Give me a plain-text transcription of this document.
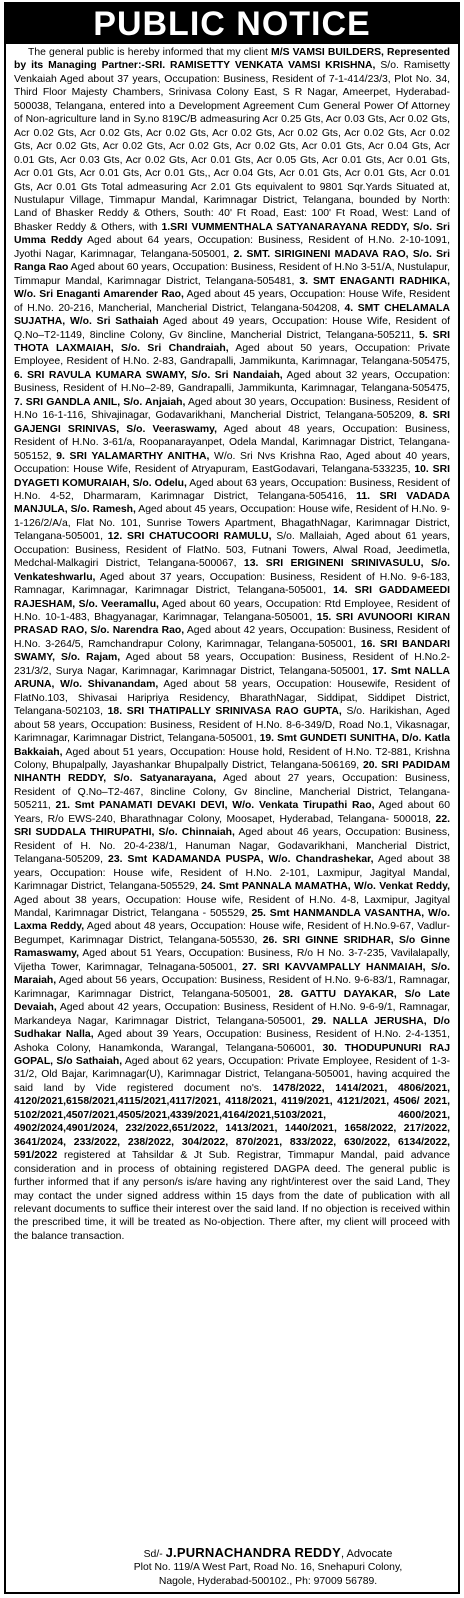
PUBLIC NOTICE
The general public is hereby informed that my client M/S VAMSI BUILDERS, Represented by its Managing Partner:-SRI. RAMISETTY VENKATA VAMSI KRISHNA, S/o. Ramisetty Venkaiah Aged about 37 years, Occupation: Business, Resident of 7-1-414/23/3, Plot No. 34, Third Floor Majesty Chambers, Srinivasa Colony East, S R Nagar, Ameerpet, Hyderabad-500038, Telangana, entered into a Development Agreement Cum General Power Of Attorney of Non-agriculture land in Sy.no 819C/B admeasuring Acr 0.25 Gts, Acr 0.03 Gts, Acr 0.02 Gts, Acr 0.02 Gts, Acr 0.02 Gts, Acr 0.02 Gts, Acr 0.02 Gts, Acr 0.02 Gts, Acr 0.02 Gts, Acr 0.02 Gts, Acr 0.02 Gts, Acr 0.02 Gts, Acr 0.02 Gts, Acr 0.02 Gts, Acr 0.01 Gts, Acr 0.04 Gts, Acr 0.01 Gts, Acr 0.03 Gts, Acr 0.02 Gts, Acr 0.01 Gts, Acr 0.05 Gts, Acr 0.01 Gts, Acr 0.01 Gts, Acr 0.01 Gts, Acr 0.01 Gts, Acr 0.01 Gts,, Acr 0.04 Gts, Acr 0.01 Gts, Acr 0.01 Gts, Acr 0.01 Gts, Acr 0.01 Gts Total admeasuring Acr 2.01 Gts equivalent to 9801 Sqr.Yards Situated at, Nustulapur Village, Timmapur Mandal, Karimnagar District, Telangana, bounded by North: Land of Bhasker Reddy & Others, South: 40' Ft Road, East: 100' Ft Road, West: Land of Bhasker Reddy & Others, with 1.SRI VUMMENTHALA SATYANARAYANA REDDY, S/o. Sri Umma Reddy Aged about 64 years, Occupation: Business, Resident of H.No. 2-10-1091, Jyothi Nagar, Karimnagar, Telangana-505001, 2. SMT. SIRIGINENI MADAVA RAO, S/o. Sri Ranga Rao Aged about 60 years, Occupation: Business, Resident of H.No 3-51/A, Nustulapur, Timmapur Mandal, Karimnagar District, Telangana-505481, 3. SMT ENAGANTI RADHIKA, W/o. Sri Enaganti Amarender Rao, Aged about 45 years, Occupation: House Wife, Resident of H.No. 20-216, Mancherial, Mancherial District, Telangana-504208, 4. SMT CHELAMALA SUJATHA, W/o. Sri Sathaiah Aged about 49 years, Occupation: House Wife, Resident of Q.No–T2-1149, 8incline Colony, Gv 8incline, Mancherial District, Telangana-505211, 5. SRI THOTA LAXMAIAH, S/o. Sri Chandraiah, Aged about 50 years, Occupation: Private Employee, Resident of H.No. 2-83, Gandrapalli, Jammikunta, Karimnagar, Telangana-505475, 6. SRI RAVULA KUMARA SWAMY, S/o. Sri Nandaiah, Aged about 32 years, Occupation: Business, Resident of H.No–2-89, Gandrapalli, Jammikunta, Karimnagar, Telangana-505475, 7. SRI GANDLA ANIL, S/o. Anjaiah, Aged about 30 years, Occupation: Business, Resident of H.No 16-1-116, Shivajinagar, Godavarikhani, Mancherial District, Telangana-505209, 8. SRI GAJENGI SRINIVAS, S/o. Veeraswamy, Aged about 48 years, Occupation: Business, Resident of H.No. 3-61/a, Roopanarayanpet, Odela Mandal, Karimnagar District, Telangana-505152, 9. SRI YALAMARTHY ANITHA, W/o. Sri Nvs Krishna Rao, Aged about 40 years, Occupation: House Wife, Resident of Atryapuram, EastGodavari, Telangana-533235, 10. SRI DYAGETI KOMURAIAH, S/o. Odelu, Aged about 63 years, Occupation: Business, Resident of H.No. 4-52, Dharmaram, Karimnagar District, Telangana-505416, 11. SRI VADADA MANJULA, S/o. Ramesh, Aged about 45 years, Occupation: House wife, Resident of H.No. 9-1-126/2/A/a, Flat No. 101, Sunrise Towers Apartment, BhagathNagar, Karimnagar District, Telangana-505001, 12. SRI CHATUCOORI RAMULU, S/o. Mallaiah, Aged about 61 years, Occupation: Business, Resident of FlatNo. 503, Futnani Towers, Alwal Road, Jeedimetla, Medchal-Malkagiri District, Telangana-500067, 13. SRI ERIGINENI SRINIVASULU, S/o. Venkateshwarlu, Aged about 37 years, Occupation: Business, Resident of H.No. 9-6-183, Ramnagar, Karimnagar, Karimnagar District, Telangana-505001, 14. SRI GADDAMEEDI RAJESHAM, S/o. Veeramallu, Aged about 60 years, Occupation: Rtd Employee, Resident of H.No. 10-1-483, Bhagyanagar, Karimnagar, Telangana-505001, 15. SRI AVUNOORI KIRAN PRASAD RAO, S/o. Narendra Rao, Aged about 42 years, Occupation: Business, Resident of H.No. 3-264/5, Ramchandrapur Colony, Karimnagar, Telangana-505001, 16. SRI BANDARI SWAMY, S/o. Rajam, Aged about 58 years, Occupation: Business, Resident of H.No.2-231/3/2, Surya Nagar, Karimnagar, Karimnagar District, Telangana-505001, 17. Smt NALLA ARUNA, W/o. Shivanandam, Aged about 58 years, Occupation: Housewife, Resident of FlatNo.103, Shivasai Haripriya Residency, BharathNagar, Siddipat, Siddipet District, Telangana-502103, 18. SRI THATIPALLY SRINIVASA RAO GUPTA, S/o. Harikishan, Aged about 58 years, Occupation: Business, Resident of H.No. 8-6-349/D, Road No.1, Vikasnagar, Karimnagar, Karimnagar District, Telangana-505001, 19. Smt GUNDETI SUNITHA, D/o. Katla Bakkaiah, Aged about 51 years, Occupation: House hold, Resident of H.No. T2-881, Krishna Colony, Bhupalpally, Jayashankar Bhupalpally District, Telangana-506169, 20. SRI PADIDAM NIHANTH REDDY, S/o. Satyanarayana, Aged about 27 years, Occupation: Business, Resident of Q.No–T2-467, 8incline Colony, Gv 8incline, Mancherial District, Telangana-505211, 21. Smt PANAMATI DEVAKI DEVI, W/o. Venkata Tirupathi Rao, Aged about 60 Years, R/o EWS-240, Bharathnagar Colony, Moosapet, Hyderabad, Telangana- 500018, 22. SRI SUDDALA THIRUPATHI, S/o. Chinnaiah, Aged about 46 years, Occupation: Business, Resident of H. No. 20-4-238/1, Hanuman Nagar, Godavarikhani, Mancherial District, Telangana-505209, 23. Smt KADAMANDA PUSPA, W/o. Chandrashekar, Aged about 38 years, Occupation: House wife, Resident of H.No. 2-101, Laxmipur, Jagityal Mandal, Karimnagar District, Telangana-505529, 24. Smt PANNALA MAMATHA, W/o. Venkat Reddy, Aged about 38 years, Occupation: House wife, Resident of H.No. 4-8, Laxmipur, Jagityal Mandal, Karimnagar District, Telangana - 505529, 25. Smt HANMANDLA VASANTHA, W/o. Laxma Reddy, Aged about 48 years, Occupation: House wife, Resident of H.No.9-67, Vadlur-Begumpet, Karimnagar District, Telangana-505530, 26. SRI GINNE SRIDHAR, S/o Ginne Ramaswamy, Aged about 51 Years, Occupation: Business, R/o H No. 3-7-235, Vavilalapally, Vijetha Tower, Karimnagar, Telnagana-505001, 27. SRI KAVVAMPALLY HANMAIAH, S/o. Maraiah, Aged about 56 years, Occupation: Business, Resident of H.No. 9-6-83/1, Ramnagar, Karimnagar, Karimnagar District, Telangana-505001, 28. GATTU DAYAKAR, S/o Late Devaiah, Aged about 42 years, Occupation: Business, Resident of H.No. 9-6-9/1, Ramnagar, Markandeya Nagar, Karimnagar District, Telangana-505001, 29. NALLA JERUSHA, D/o Sudhakar Nalla, Aged about 39 Years, Occupation: Business, Resident of H.No. 2-4-1351, Ashoka Colony, Hanamkonda, Warangal, Telangana-506001, 30. THODUPUNURI RAJ GOPAL, S/o Sathaiah, Aged about 62 years, Occupation: Private Employee, Resident of 1-3-31/2, Old Bajar, Karimnagar(U), Karimnagar District, Telangana-505001, having acquired the said land by Vide registered document no's. 1478/2022, 1414/2021, 4806/2021, 4120/2021,6158/2021,4115/2021,4117/2021, 4118/2021, 4119/2021, 4121/2021, 4506/ 2021, 5102/2021,4507/2021,4505/2021,4339/2021,4164/2021,5103/2021, 4600/2021, 4902/2024,4901/2024, 232/2022,651/2022, 1413/2021, 1440/2021, 1658/2022, 217/2022, 3641/2024, 233/2022, 238/2022, 304/2022, 870/2021, 833/2022, 630/2022, 6134/2022, 591/2022 registered at Tahsildar & Jt Sub. Registrar, Timmapur Mandal, paid advance consideration and in process of obtaining registered DAGPA deed. The general public is further informed that if any person/s is/are having any right/interest over the said Land, They may contact the under signed address within 15 days from the date of publication with all relevant documents to suffice their interest over the said land. If no objection is received within the prescribed time, it will be treated as No-objection. There after, my client will proceed with the balance transaction.
Sd/- J.PURNACHANDRA REDDY, Advocate
Plot No. 119/A West Part, Road No. 16, Snehapuri Colony,
Nagole, Hyderabad-500102., Ph: 97009 56789.
